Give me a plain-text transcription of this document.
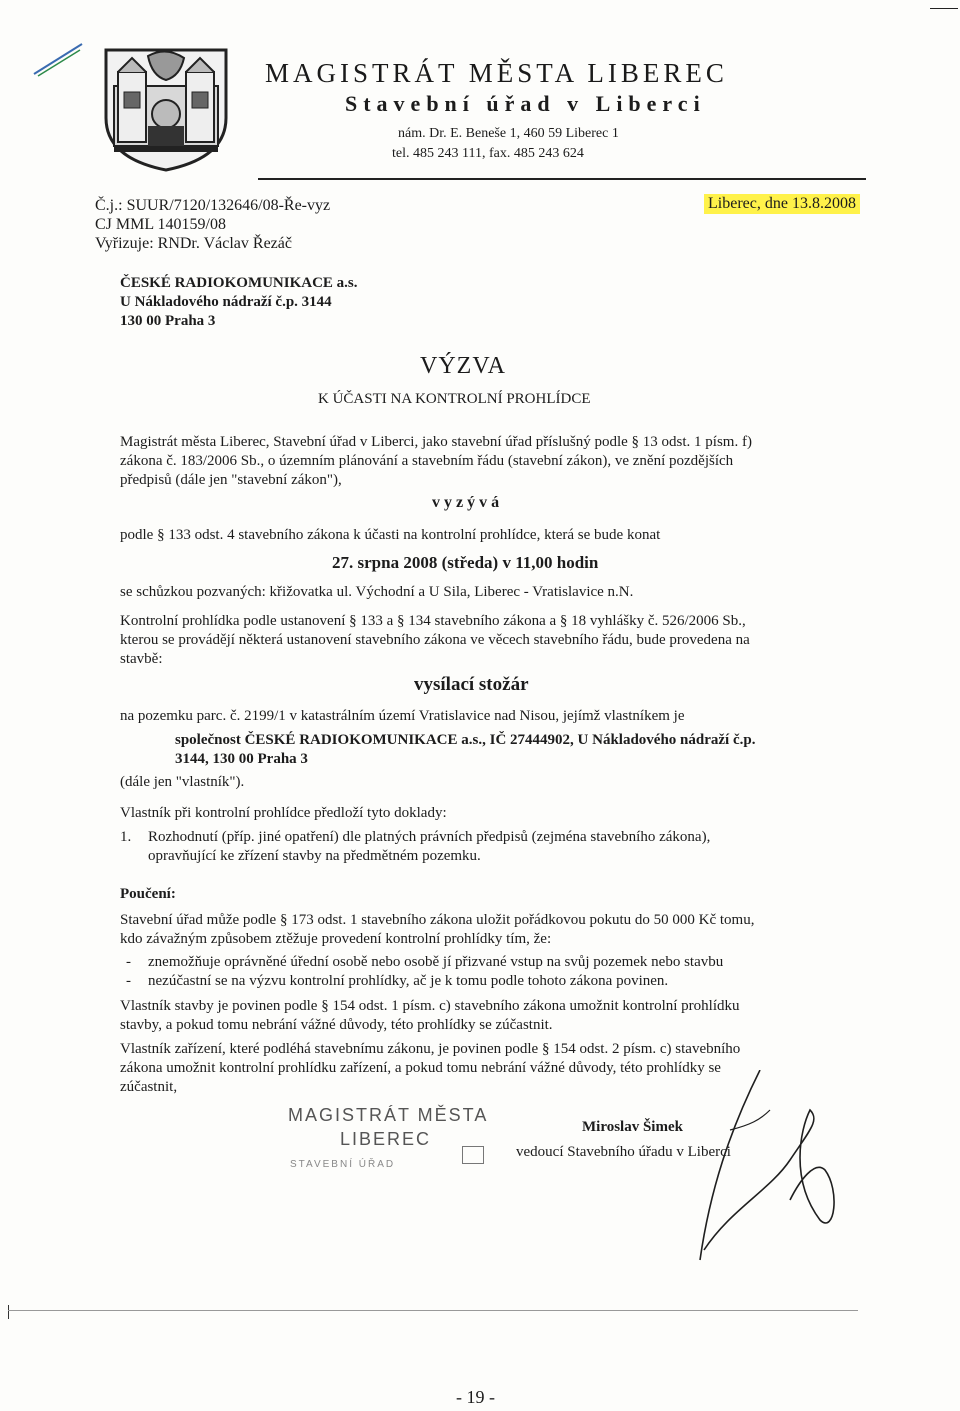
MAGISTRÁT MĚSTA LIBEREC
Stavební úřad v Liberci
nám. Dr. E. Beneše 1, 460 59 Liberec 1
tel. 485 243 111, fax. 485 243 624
Č.j.: SUUR/7120/132646/08-Ře-vyz
CJ MML 140159/08
Vyřizuje: RNDr. Václav Řezáč
Liberec, dne 13.8.2008
ČESKÉ RADIOKOMUNIKACE a.s.
U Nákladového nádraží č.p. 3144
130 00 Praha 3
VÝZVA
K ÚČASTI NA KONTROLNÍ PROHLÍDCE
Magistrát města Liberec, Stavební úřad v Liberci, jako stavební úřad příslušný podle § 13 odst. 1 písm. f)
zákona č. 183/2006 Sb., o územním plánování a stavebním řádu (stavební zákon), ve znění pozdějších
předpisů (dále jen "stavební zákon"),
v y z ý v á
podle § 133 odst. 4 stavebního zákona k účasti na kontrolní prohlídce, která se bude konat
27. srpna 2008 (středa) v 11,00 hodin
se schůzkou pozvaných: křižovatka ul. Východní a U Sila, Liberec - Vratislavice n.N.
Kontrolní prohlídka podle ustanovení § 133 a § 134 stavebního zákona a § 18 vyhlášky č. 526/2006 Sb.,
kterou se provádějí některá ustanovení stavebního zákona ve věcech stavebního řádu, bude provedena na
stavbě:
vysílací stožár
na pozemku parc. č. 2199/1 v katastrálním území Vratislavice nad Nisou, jejímž vlastníkem je
společnost ČESKÉ RADIOKOMUNIKACE a.s., IČ 27444902, U Nákladového nádraží č.p.
3144, 130 00 Praha 3
(dále jen "vlastník").
Vlastník při kontrolní prohlídce předloží tyto doklady:
1. Rozhodnutí (příp. jiné opatření) dle platných právních předpisů (zejména stavebního zákona),
opravňující ke zřízení stavby na předmětném pozemku.
Poučení:
Stavební úřad může podle § 173 odst. 1 stavebního zákona uložit pořádkovou pokutu do 50 000 Kč tomu,
kdo závažným způsobem ztěžuje provedení kontrolní prohlídky tím, že:
- znemožňuje oprávněné úřední osobě nebo osobě jí přizvané vstup na svůj pozemek nebo stavbu
- nezúčastní se na výzvu kontrolní prohlídky, ač je k tomu podle tohoto zákona povinen.
Vlastník stavby je povinen podle § 154 odst. 1 písm. c) stavebního zákona umožnit kontrolní prohlídku
stavby, a pokud tomu nebrání vážné důvody, této prohlídky se zúčastnit.
Vlastník zařízení, které podléhá stavebnímu zákonu, je povinen podle § 154 odst. 2 písm. c) stavebního
zákona umožnit kontrolní prohlídku zařízení, a pokud tomu nebrání vážné důvody, této prohlídky se
zúčastnit,
MAGISTRÁT MĚSTA
LIBEREC
STAVEBNÍ ÚŘAD
Miroslav Šimek
vedoucí Stavebního úřadu v Liberci
- 19 -
